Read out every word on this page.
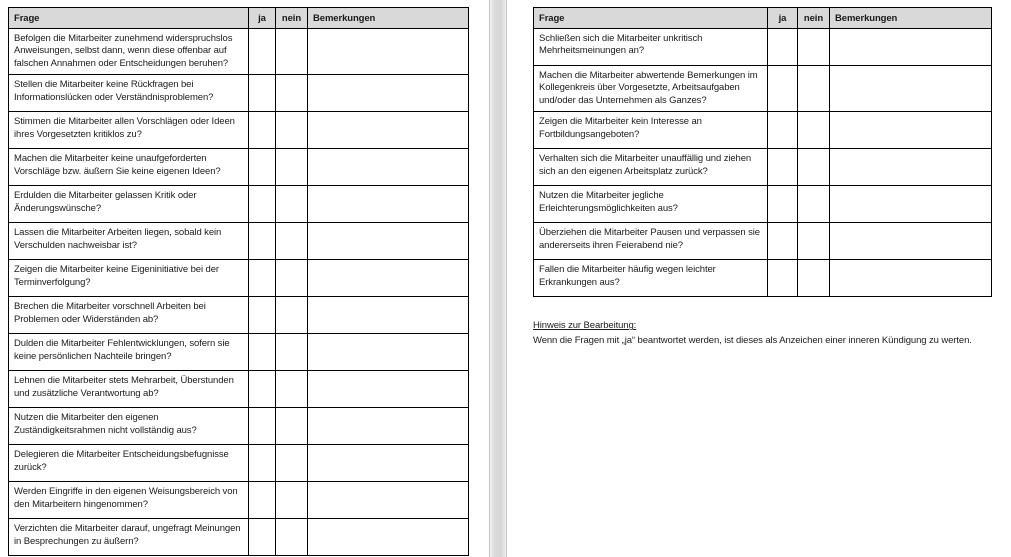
Frage	ja	nein	Bemerkungen
Befolgen die Mitarbeiter zunehmend widerspruchslos Anweisungen, selbst dann, wenn diese offenbar auf falschen Annahmen oder Entscheidungen beruhen?			
Stellen die Mitarbeiter keine Rückfragen bei Informationslücken oder Verständnisproblemen?			
Stimmen die Mitarbeiter allen Vorschlägen oder Ideen ihres Vorgesetzten kritiklos zu?			
Machen die Mitarbeiter keine unaufgeforderten Vorschläge bzw. äußern Sie keine eigenen Ideen?			
Erdulden die Mitarbeiter gelassen Kritik oder Änderungswünsche?			
Lassen die Mitarbeiter Arbeiten liegen, sobald kein Verschulden nachweisbar ist?			
Zeigen die Mitarbeiter keine Eigeninitiative bei der Terminverfolgung?			
Brechen die Mitarbeiter vorschnell Arbeiten bei Problemen oder Widerständen ab?			
Dulden die Mitarbeiter Fehlentwicklungen, sofern sie keine persönlichen Nachteile bringen?			
Lehnen die Mitarbeiter stets Mehrarbeit, Überstunden und zusätzliche Verantwortung ab?			
Nutzen die Mitarbeiter den eigenen Zuständigkeitsrahmen nicht vollständig aus?			
Delegieren die Mitarbeiter Entscheidungsbefugnisse zurück?			
Werden Eingriffe in den eigenen Weisungsbereich von den Mitarbeitern hingenommen?			
Verzichten die Mitarbeiter darauf, ungefragt Meinungen in Besprechungen zu äußern?			
Frage	ja	nein	Bemerkungen
Schließen sich die Mitarbeiter unkritisch Mehrheitsmeinungen an?			
Machen die Mitarbeiter abwertende Bemerkungen im Kollegenkreis über Vorgesetzte, Arbeitsaufgaben und/oder das Unternehmen als Ganzes?			
Zeigen die Mitarbeiter kein Interesse an Fortbildungsangeboten?			
Verhalten sich die Mitarbeiter unauffällig und ziehen sich an den eigenen Arbeitsplatz zurück?			
Nutzen die Mitarbeiter jegliche Erleichterungsmöglichkeiten aus?			
Überziehen die Mitarbeiter Pausen und verpassen sie andererseits ihren Feierabend nie?			
Fallen die Mitarbeiter häufig wegen leichter Erkrankungen aus?			
Hinweis zur Bearbeitung:
Wenn die Fragen mit „ja“ beantwortet werden, ist dieses als Anzeichen einer inneren Kündigung zu werten.
